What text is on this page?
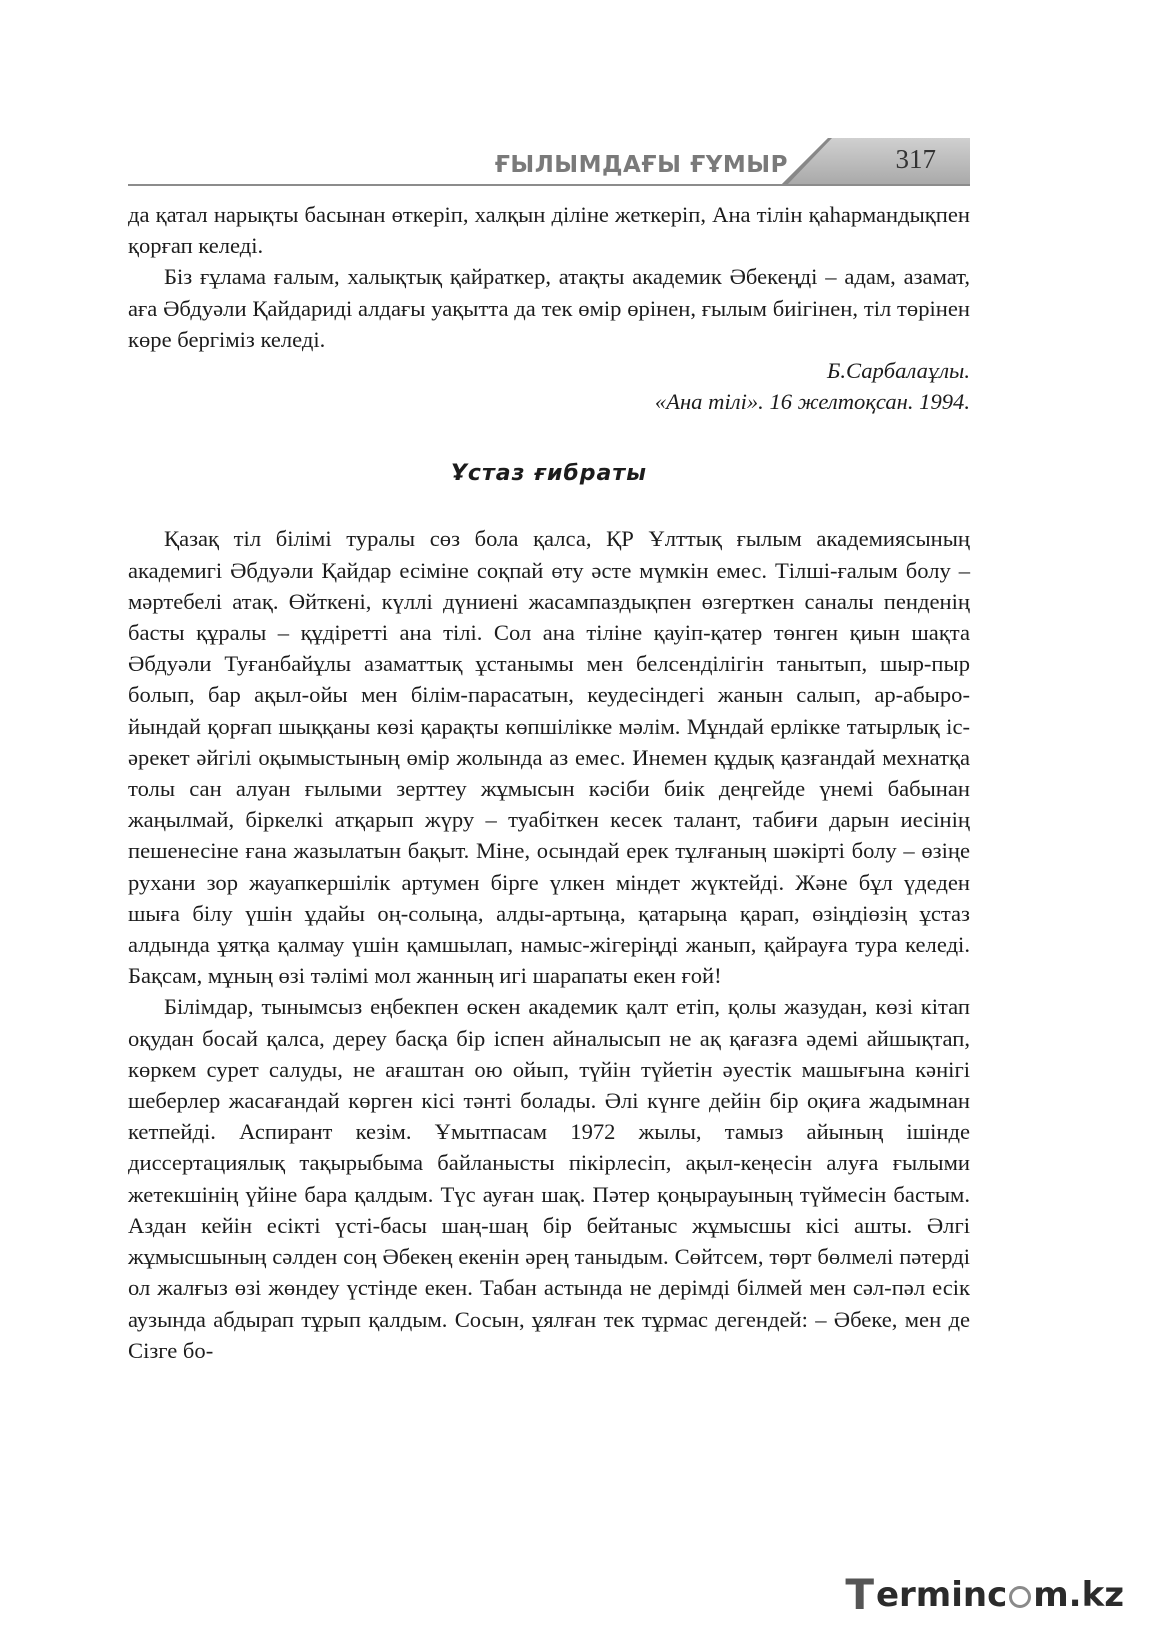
ҒЫЛЫМДАҒЫ ҒҰМЫР	317

да қатал нарықты басынан өткеріп, халқын діліне жеткеріп, Ана тілін қаһармандықпен қорғап келеді.

Біз ғұлама ғалым, халықтық қайраткер, атақты академик Әбекеңді – адам, азамат, аға Әбдуәли Қайдариді алдағы уақытта да тек өмір өрінен, ғылым биігінен, тіл төрінен көре бергіміз келеді.

Б.Сарбалаұлы.

«Ана тілі». 16 желтоқсан. 1994.

Ұстаз ғибраты

Қазақ тіл білімі туралы сөз бола қалса, ҚР Ұлттық ғылым академиясының академигі Әбдуәли Қайдар есіміне соқпай өту әсте мүмкін емес. Тілші-ғалым болу – мәртебелі атақ. Өйткені, күллі дүниені жасампаздықпен өзгерткен саналы пенденің басты құралы – құдіретті ана тілі. Сол ана тіліне қауіп-қатер төнген қиын шақта Әбдуәли Туғанбайұлы азаматтық ұстанымы мен белсенділігін танытып, шыр-пыр болып, бар ақыл-ойы мен білім-парасатын, кеудесіндегі жанын салып, ар-абыройындай қорғап шыққаны көзі қарақты көпшілікке мәлім. Мұндай ерлікке татырлық іс-әрекет әйгілі оқымыстының өмір жолында аз емес. Инемен құдық қазғандай мехнатқа толы сан алуан ғылыми зерттеу жұмысын кәсіби биік деңгейде үнемі бабынан жаңылмай, біркелкі атқарып жүру – туабіткен кесек талант, табиғи дарын иесінің пешенесіне ғана жазылатын бақыт. Міне, осындай ерек тұлғаның шәкірті болу – өзіңе рухани зор жауапкершілік артумен бірге үлкен міндет жүктейді. Және бұл үдеден шыға білу үшін ұдайы оң-солыңа, алды-артыңа, қатарыңа қарап, өзіңдіөзің ұстаз алдында ұятқа қалмау үшін қамшылап, намыс-жігеріңді жанып, қайрауға тура келеді. Бақсам, мұның өзі тәлімі мол жанның игі шарапаты екен ғой!

Білімдар, тынымсыз еңбекпен өскен академик қалт етіп, қолы жазудан, көзі кітап оқудан босай қалса, дереу басқа бір іспен айналысып не ақ қағазға әдемі айшықтап, көркем сурет салуды, не ағаштан ою ойып, түйін түйетін әуестік машығына кәнігі шеберлер жасағандай көрген кісі тәнті болады. Әлі күнге дейін бір оқиға жадымнан кетпейді. Аспирант кезім. Ұмытпасам 1972 жылы, тамыз айының ішінде диссертациялық тақырыбыма байланысты пікірлесіп, ақыл-кеңесін алуға ғылыми жетекшінің үйіне бара қалдым. Түс ауған шақ. Пәтер қоңырауының түймесін бастым. Аздан кейін есікті үсті-басы шаң-шаң бір бейтаныс жұмысшы кісі ашты. Әлгі жұмысшының сәлден соң Әбекең екенін әрең таныдым. Сөйтсем, төрт бөлмелі пәтерді ол жалғыз өзі жөндеу үстінде екен. Табан астында не дерімді білмей мен сәл-пәл есік аузында абдырап тұрып қалдым. Сосын, ұялған тек тұрмас дегендей: – Әбеке, мен де Сізге бо-

T erminc m.kz
